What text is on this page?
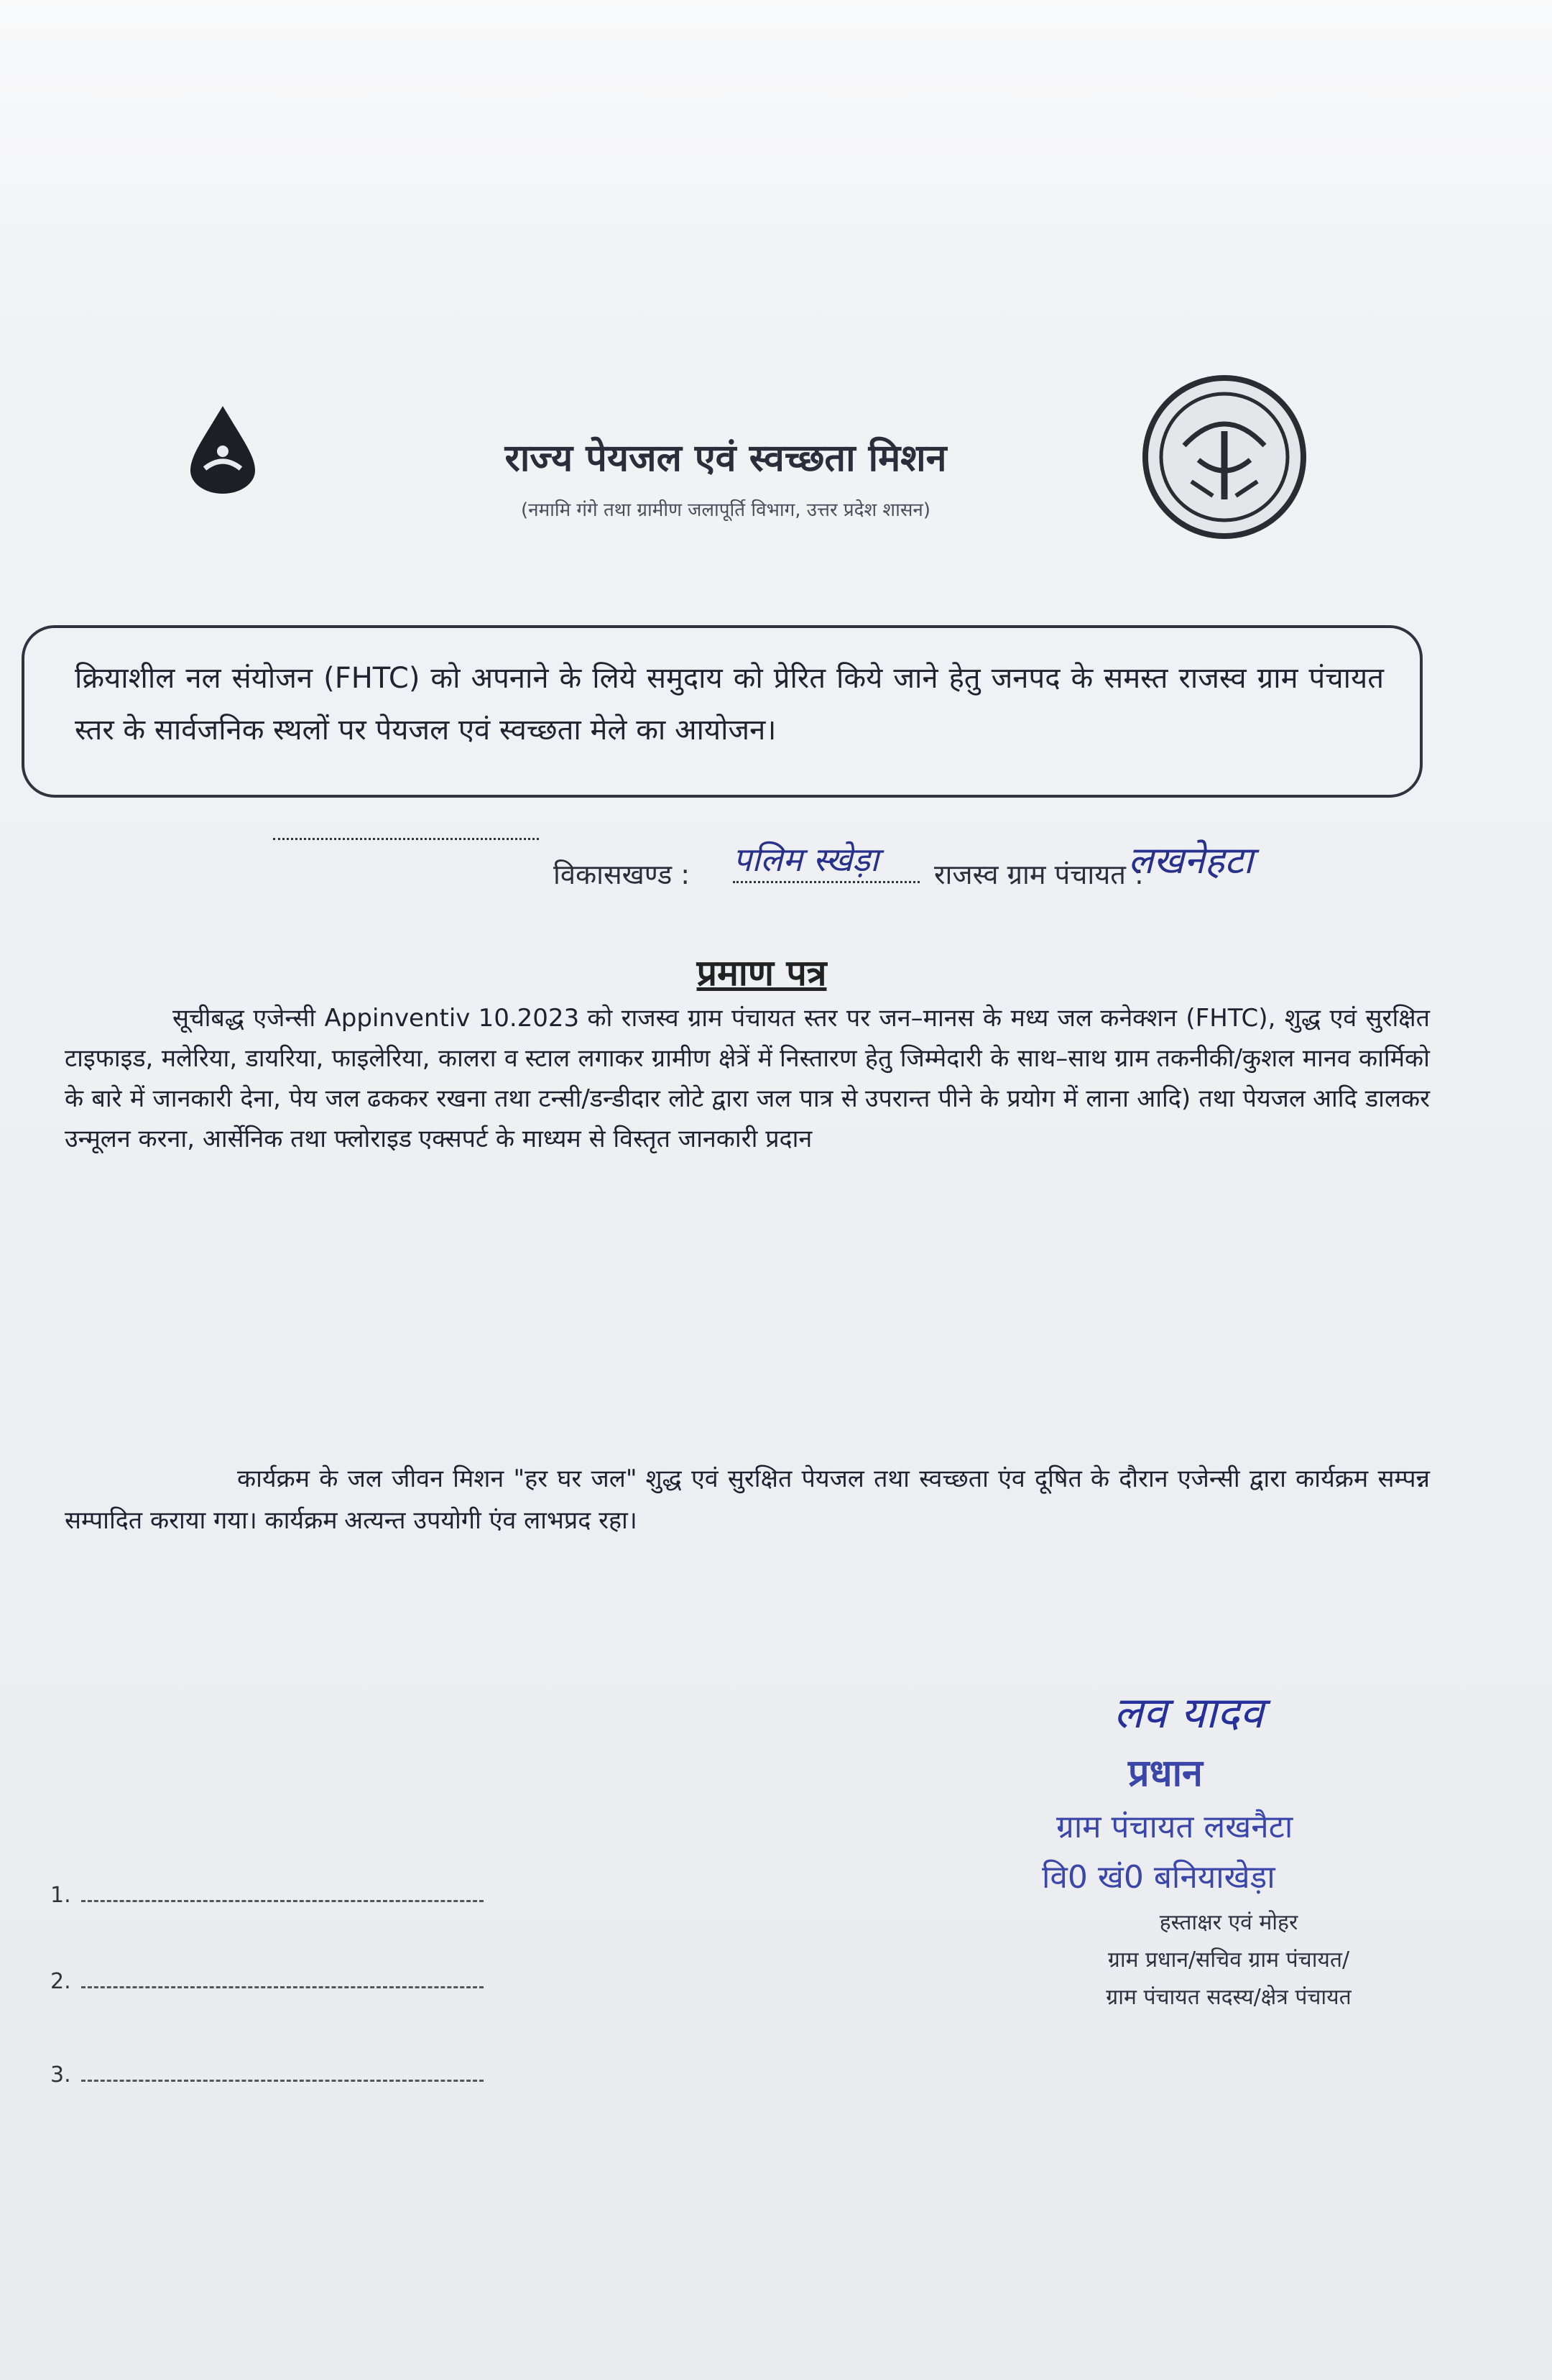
राज्य पेयजल एवं स्वच्छता मिशन
(नमामि गंगे तथा ग्रामीण जलापूर्ति विभाग, उत्तर प्रदेश शासन)
क्रियाशील नल संयोजन (FHTC) को अपनाने के लिये समुदाय को प्रेरित किये जाने हेतु जनपद के समस्त राजस्व ग्राम पंचायत स्तर के सार्वजनिक स्थलों पर पेयजल एवं स्वच्छता मेले का आयोजन।
विकासखण्ड : पलिम स्खेड़ा	राजस्व ग्राम पंचायत :
लखनेहटा
प्रमाण पत्र
सूचीबद्ध एजेन्सी Appinventiv 10.2023 को राजस्व ग्राम पंचायत स्तर पर जन–मानस के मध्य जल कनेक्शन (FHTC), शुद्ध एवं सुरक्षित टाइफाइड, मलेरिया, डायरिया, फाइलेरिया, कालरा व स्टाल लगाकर ग्रामीण क्षेत्रें में निस्तारण हेतु जिम्मेदारी के साथ–साथ ग्राम तकनीकी/कुशल मानव कार्मिको के बारे में जानकारी देना, पेय जल ढककर रखना तथा टन्सी/डन्डीदार लोटे द्वारा जल पात्र से उपरान्त पीने के प्रयोग में लाना आदि) तथा पेयजल आदि डालकर उन्मूलन करना, आर्सेनिक तथा फ्लोराइड एक्सपर्ट के माध्यम से विस्तृत जानकारी प्रदान
कार्यक्रम के जल जीवन मिशन "हर घर जल" शुद्ध एवं सुरक्षित पेयजल तथा स्वच्छता एंव दूषित के दौरान एजेन्सी द्वारा कार्यक्रम सम्पन्न सम्पादित कराया गया। कार्यक्रम अत्यन्त उपयोगी एंव लाभप्रद रहा।
1.
2.
3.
लव यादव
प्रधान
ग्राम पंचायत लखनैटा
वि0 खं0 बनियाखेड़ा
हस्ताक्षर एवं मोहर
ग्राम प्रधान/सचिव ग्राम पंचायत/
ग्राम पंचायत सदस्य/क्षेत्र पंचायत
